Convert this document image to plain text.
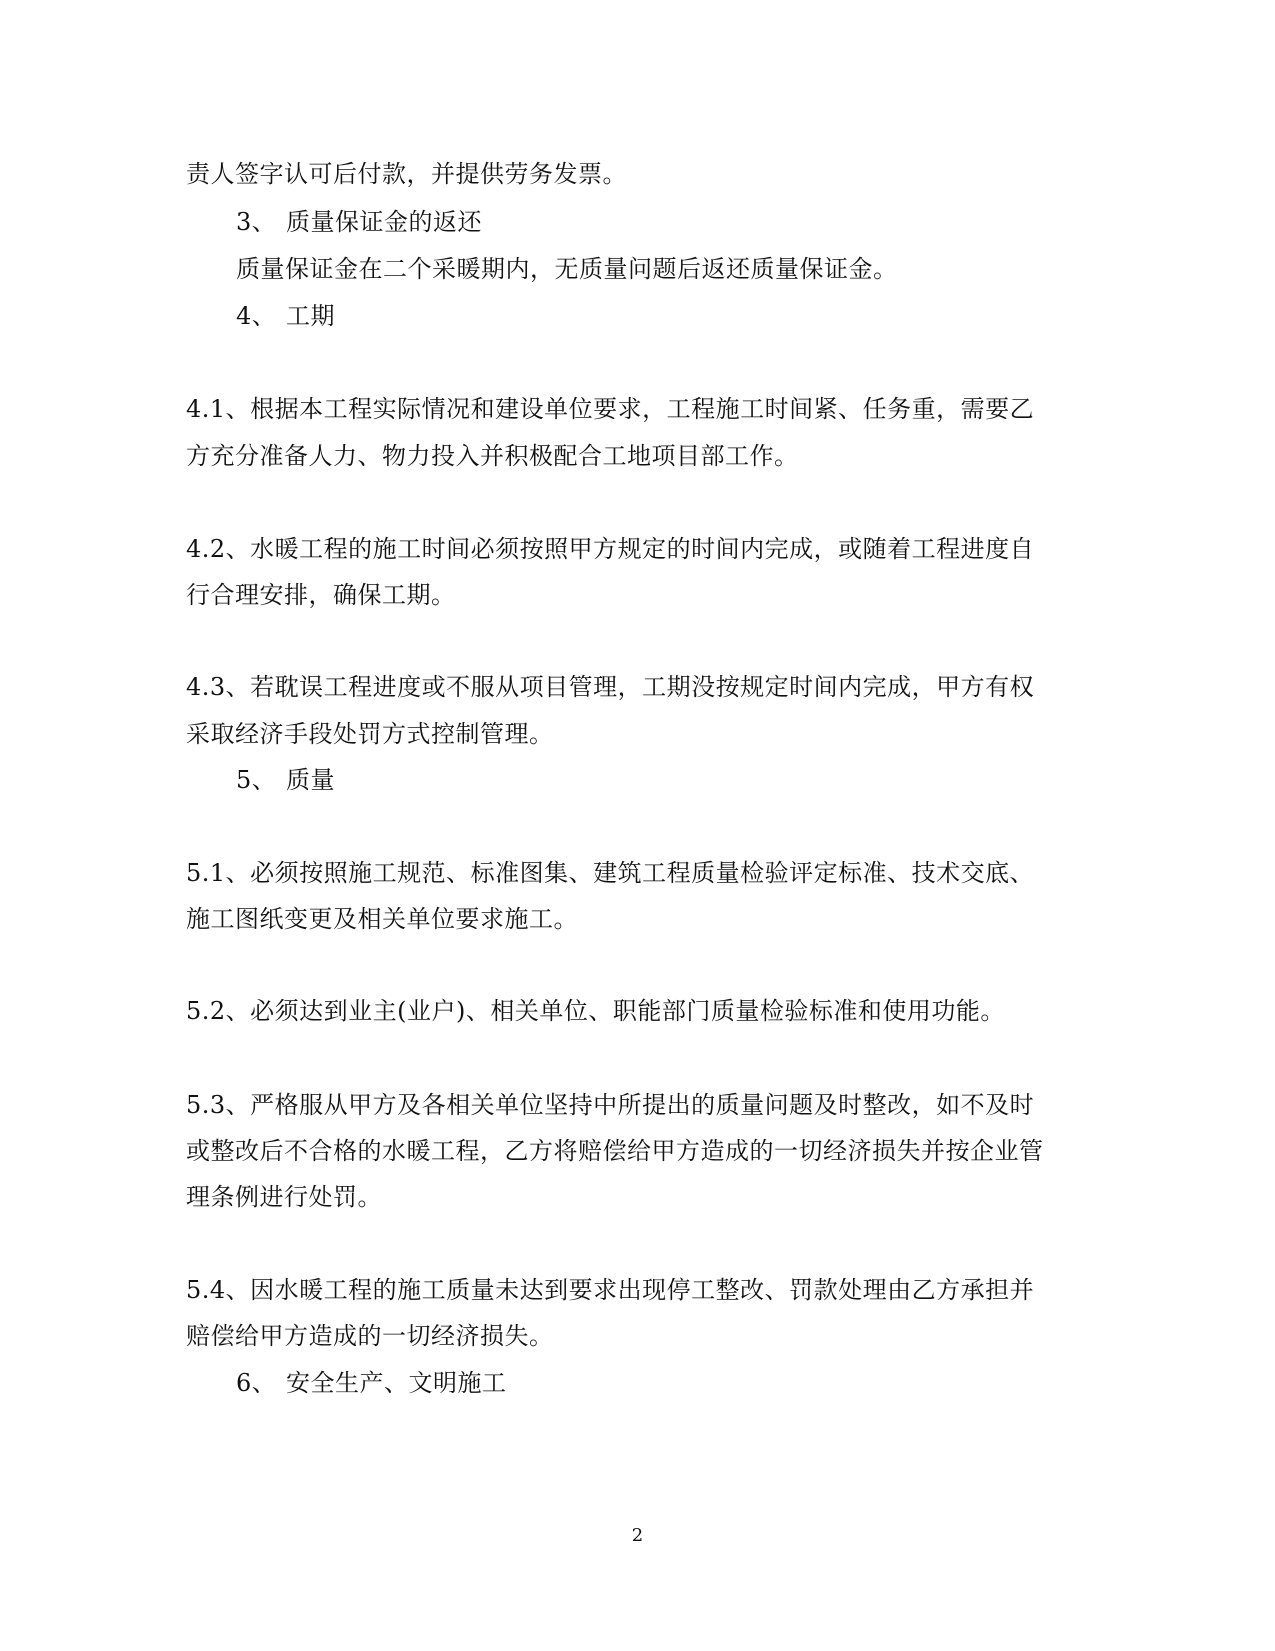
责人签字认可后付款，并提供劳务发票。
3、 质量保证金的返还
质量保证金在二个采暖期内，无质量问题后返还质量保证金。
4、 工期
4.1、根据本工程实际情况和建设单位要求，工程施工时间紧、任务重，需要乙
方充分准备人力、物力投入并积极配合工地项目部工作。
4.2、水暖工程的施工时间必须按照甲方规定的时间内完成，或随着工程进度自
行合理安排，确保工期。
4.3、若耽误工程进度或不服从项目管理，工期没按规定时间内完成，甲方有权
采取经济手段处罚方式控制管理。
5、 质量
5.1、必须按照施工规范、标准图集、建筑工程质量检验评定标准、技术交底、
施工图纸变更及相关单位要求施工。
5.2、必须达到业主(业户)、相关单位、职能部门质量检验标准和使用功能。
5.3、严格服从甲方及各相关单位坚持中所提出的质量问题及时整改，如不及时
或整改后不合格的水暖工程，乙方将赔偿给甲方造成的一切经济损失并按企业管
理条例进行处罚。
5.4、因水暖工程的施工质量未达到要求出现停工整改、罚款处理由乙方承担并
赔偿给甲方造成的一切经济损失。
6、 安全生产、文明施工
2
